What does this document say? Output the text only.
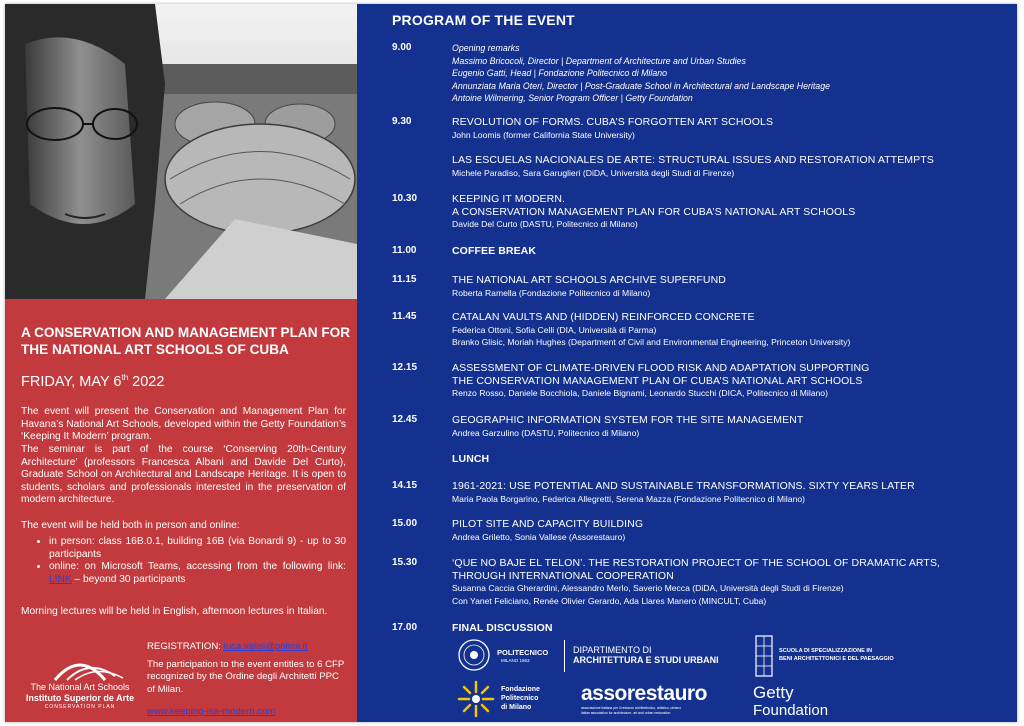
A CONSERVATION AND MANAGEMENT PLAN FOR THE NATIONAL ART SCHOOLS OF CUBA
FRIDAY, MAY 6th 2022
The event will present the Conservation and Management Plan for Havana’s National Art Schools, developed within the Getty Foundation’s ‘Keeping It Modern’ program.
The seminar is part of the course ‘Conserving 20th-Century Architecture’ (professors Francesca Albani and Davide Del Curto), Graduate School on Architectural and Landscape Heritage. It is open to students, scholars and professionals interested in the preservation of modern architecture.
The event will be held both in person and online:
• in person: class 16B.0.1, building 16B (via Bonardi 9) - up to 30 participants
• online: on Microsoft Teams, accessing from the following link: LINK – beyond 30 participants
Morning lectures will be held in English, afternoon lectures in Italian.
The National Art Schools
Instituto Superior de Arte
CONSERVATION PLAN
REGISTRATION: luca.valisi@polimi.it
The participation to the event entitles to 6 CFP recognized by the Ordine degli Architetti PPC of Milan.
www.keeping-isa-modern.com
PROGRAM OF THE EVENT
9.00	Opening remarks
Massimo Bricocoli, Director | Department of Architecture and Urban Studies
Eugenio Gatti, Head | Fondazione Politecnico di Milano
Annunziata Maria Oteri, Director | Post-Graduate School in Architectural and Landscape Heritage
Antoine Wilmering, Senior Program Officer | Getty Foundation
9.30	REVOLUTION OF FORMS. CUBA’S FORGOTTEN ART SCHOOLS
John Loomis (former California State University)
LAS ESCUELAS NACIONALES DE ARTE: STRUCTURAL ISSUES AND RESTORATION ATTEMPTS
Michele Paradiso, Sara Garuglieri (DiDA, Università degli Studi di Firenze)
10.30	KEEPING IT MODERN.
A CONSERVATION MANAGEMENT PLAN FOR CUBA’S NATIONAL ART SCHOOLS
Davide Del Curto (DASTU, Politecnico di Milano)
11.00	COFFEE BREAK
11.15	THE NATIONAL ART SCHOOLS ARCHIVE SUPERFUND
Roberta Ramella (Fondazione Politecnico di Milano)
11.45	CATALAN VAULTS AND (HIDDEN) REINFORCED CONCRETE
Federica Ottoni, Sofia Celli (DIA, Università di Parma)
Branko Glisic, Moriah Hughes (Department of Civil and Environmental Engineering, Princeton University)
12.15	ASSESSMENT OF CLIMATE-DRIVEN FLOOD RISK AND ADAPTATION SUPPORTING
THE CONSERVATION MANAGEMENT PLAN OF CUBA’S NATIONAL ART SCHOOLS
Renzo Rosso, Daniele Bocchiola, Daniele Bignami, Leonardo Stucchi (DICA, Politecnico di Milano)
12.45	GEOGRAPHIC INFORMATION SYSTEM FOR THE SITE MANAGEMENT
Andrea Garzulino (DASTU, Politecnico di Milano)
LUNCH
14.15	1961-2021: USE POTENTIAL AND SUSTAINABLE TRANSFORMATIONS. SIXTY YEARS LATER
Maria Paola Borgarino, Federica Allegretti, Serena Mazza (Fondazione Politecnico di Milano)
15.00	PILOT SITE AND CAPACITY BUILDING
Andrea Griletto, Sonia Vallese (Assorestauro)
15.30	‘QUE NO BAJE EL TELON’. THE RESTORATION PROJECT OF THE SCHOOL OF DRAMATIC ARTS,
THROUGH INTERNATIONAL COOPERATION
Susanna Caccia Gherardini, Alessandro Merlo, Saverio Mecca (DiDA, Università degli Studi di Firenze)
Con Yanet Feliciano, Renée Olivier Gerardo, Ada Llares Manero (MINCULT, Cuba)
17.00	FINAL DISCUSSION
POLITECNICO
MILANO 1863
DIPARTIMENTO DI
ARCHITETTURA E STUDI URBANI
SCUOLA DI SPECIALIZZAZIONE IN
BENI ARCHITETTONICI E DEL PAESAGGIO
Fondazione
Politecnico
di Milano
assorestauro
associazione italiana per il restauro architettonico, artistico, urbano
italian association for architecture, art and urban restoration
Getty
Foundation
